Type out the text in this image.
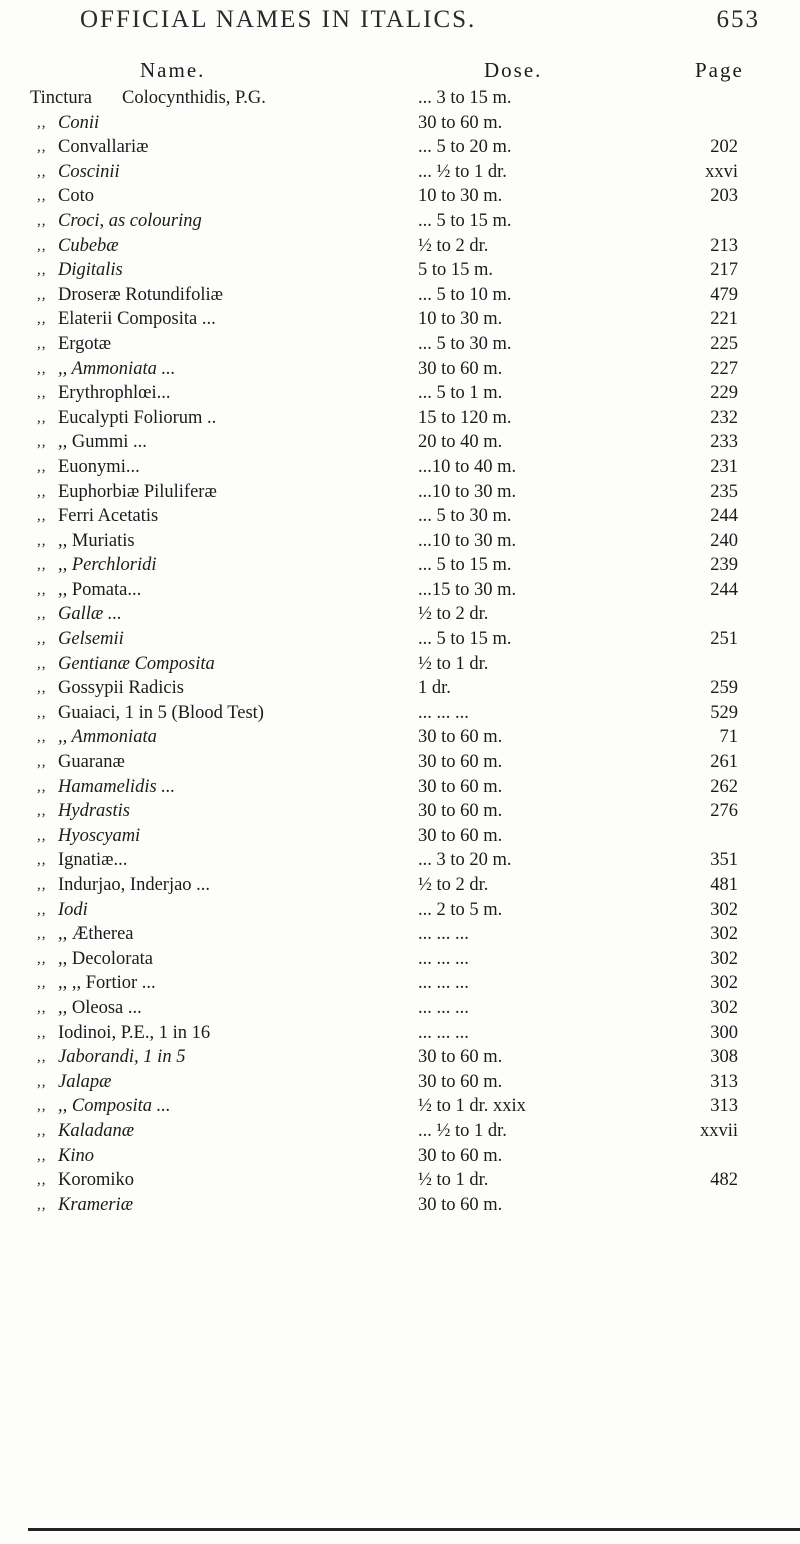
OFFICIAL NAMES IN ITALICS.	653
Name.	Dose.	Page
Tinctura Colocynthidis, P.G.	... 3 to 15 m.
,, Conii	30 to 60 m.
,, Convallariæ	... 5 to 20 m.	202
,, Coscinii	... ½ to 1 dr.	xxvi
,, Coto	10 to 30 m.	203
,, Croci, as colouring	... 5 to 15 m.
,, Cubebæ	½ to 2 dr.	213
,, Digitalis	5 to 15 m.	217
,, Droseræ Rotundifoliæ	... 5 to 10 m.	479
,, Elaterii Composita ...	10 to 30 m.	221
,, Ergotæ	... 5 to 30 m.	225
,, ,, Ammoniata ...	30 to 60 m.	227
,, Erythrophlœi...	... 5 to 1 m.	229
,, Eucalypti Foliorum ..	15 to 120 m.	232
,, ,, Gummi ...	20 to 40 m.	233
,, Euonymi...	...10 to 40 m.	231
,, Euphorbiæ Piluliferæ	...10 to 30 m.	235
,, Ferri Acetatis	... 5 to 30 m.	244
,, ,, Muriatis	...10 to 30 m.	240
,, ,, Perchloridi	... 5 to 15 m.	239
,, ,, Pomata...	...15 to 30 m.	244
,, Gallæ ...	½ to 2 dr.
,, Gelsemii	... 5 to 15 m.	251
,, Gentianæ Composita	½ to 1 dr.
,, Gossypii Radicis	1 dr.	259
,, Guaiaci, 1 in 5 (Blood Test)	... ... ...	529
,, ,, Ammoniata	30 to 60 m.	71
,, Guaranæ	30 to 60 m.	261
,, Hamamelidis ...	30 to 60 m.	262
,, Hydrastis	30 to 60 m.	276
,, Hyoscyami	30 to 60 m.
,, Ignatiæ...	... 3 to 20 m.	351
,, Indurjao, Inderjao ...	½ to 2 dr.	481
,, Iodi	... 2 to 5 m.	302
,, ,, Ætherea	... ... ...	302
,, ,, Decolorata	... ... ...	302
,, ,, ,, Fortior ...	... ... ...	302
,, ,, Oleosa ...	... ... ...	302
,, Iodinoi, P.E., 1 in 16	... ... ...	300
,, Jaborandi, 1 in 5	30 to 60 m.	308
,, Jalapæ	30 to 60 m.	313
,, ,, Composita ...	½ to 1 dr. xxix	313
,, Kaladanæ	... ½ to 1 dr.	xxvii
,, Kino	30 to 60 m.
,, Koromiko	½ to 1 dr.	482
,, Krameriæ	30 to 60 m.
